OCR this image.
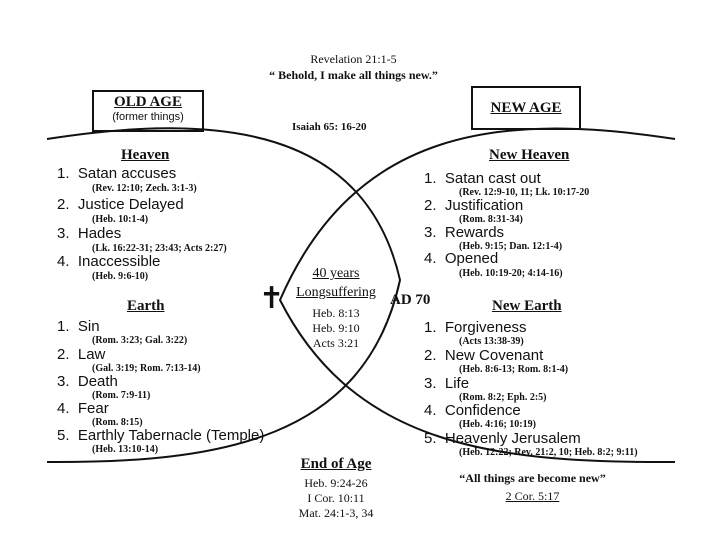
Revelation 21:1-5
“ Behold, I make all things new.”
OLD AGE
(former things)
NEW AGE
Isaiah 65: 16-20
Heaven
1. Satan accuses
(Rev. 12:10; Zech. 3:1-3)
2. Justice Delayed
(Heb. 10:1-4)
3. Hades
(Lk. 16:22-31; 23:43; Acts 2:27)
4. Inaccessible
(Heb. 9:6-10)
Earth
1. Sin
(Rom. 3:23; Gal. 3:22)
2. Law
(Gal. 3:19; Rom. 7:13-14)
3. Death
(Rom. 7:9-11)
4. Fear
(Rom. 8:15)
5. Earthly Tabernacle (Temple)
(Heb. 13:10-14)
New Heaven
1. Satan cast out
(Rev. 12:9-10, 11; Lk. 10:17-20
2. Justification
(Rom. 8:31-34)
3. Rewards
(Heb. 9:15; Dan. 12:1-4)
4. Opened
(Heb. 10:19-20; 4:14-16)
New Earth
1. Forgiveness
(Acts 13:38-39)
2. New Covenant
(Heb. 8:6-13; Rom. 8:1-4)
3. Life
(Rom. 8:2; Eph. 2:5)
4. Confidence
(Heb. 4:16; 10:19)
5. Heavenly Jerusalem
(Heb. 12:22; Rev. 21:2, 10; Heb. 8:2; 9:11)
✝
40 years
Longsuffering
Heb. 8:13
Heb. 9:10
Acts 3:21
AD 70
End of Age
Heb. 9:24-26
I Cor. 10:11
Mat. 24:1-3, 34
“All things are become new”
2 Cor. 5:17
